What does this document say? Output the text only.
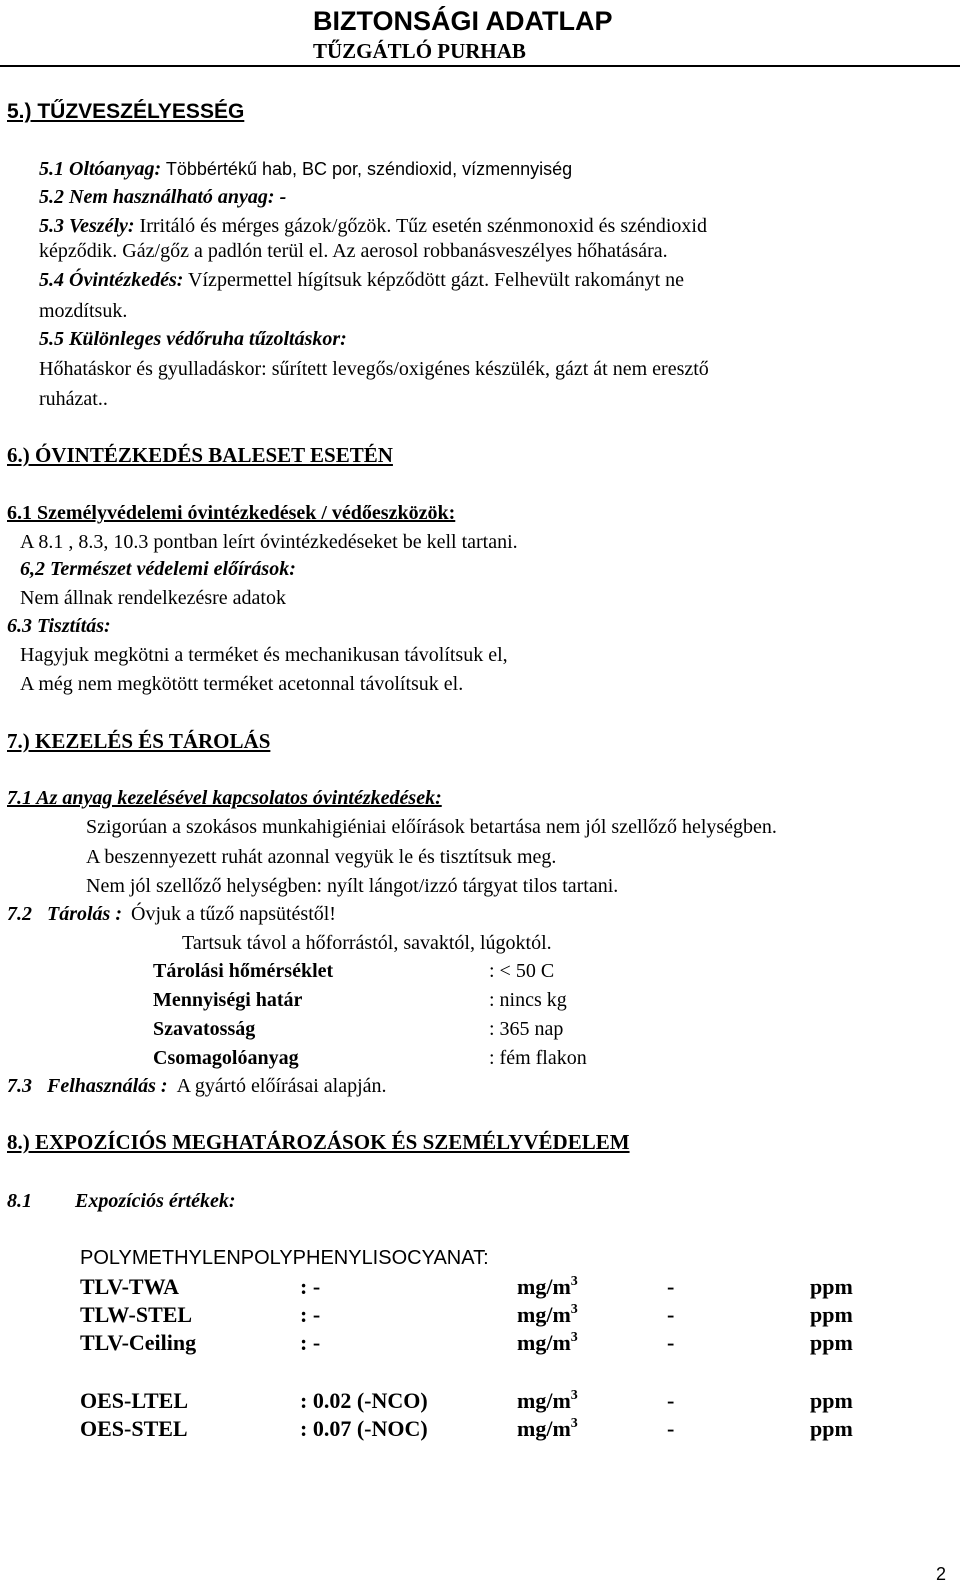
BIZTONSÁGI ADATLAP
TŰZGÁTLÓ PURHAB
5.) TŰZVESZÉLYESSÉG
5.1 Oltóanyag: Többértékű hab, BC por, széndioxid, vízmennyiség
5.2 Nem használható anyag: -
5.3 Veszély: Irritáló és mérges gázok/gőzök. Tűz esetén szénmonoxid és széndioxid
képződik. Gáz/gőz a padlón terül el. Az aerosol robbanásveszélyes hőhatására.
5.4 Óvintézkedés: Vízpermettel hígítsuk képződött gázt. Felhevült rakományt ne
mozdítsuk.
5.5 Különleges védőruha tűzoltáskor:
Hőhatáskor és gyulladáskor: sűrített levegős/oxigénes készülék, gázt át nem eresztő
ruházat..
6.) ÓVINTÉZKEDÉS BALESET ESETÉN
6.1 Személyvédelemi óvintézkedések / védőeszközök:
A 8.1 , 8.3, 10.3 pontban leírt óvintézkedéseket be kell tartani.
6,2 Természet védelemi előírások:
Nem állnak rendelkezésre adatok
6.3 Tisztítás:
Hagyjuk megkötni a terméket és mechanikusan távolítsuk el,
A még nem megkötött terméket acetonnal távolítsuk el.
7.) KEZELÉS ÉS TÁROLÁS
7.1 Az anyag kezelésével kapcsolatos óvintézkedések:
Szigorúan a szokásos munkahigiéniai előírások betartása nem jól szellőző helységben.
A beszennyezett ruhát azonnal vegyük le és tisztítsuk meg.
Nem jól szellőző helységben: nyílt lángot/izzó tárgyat tilos tartani.
7.2 Tárolás : Óvjuk a tűző napsütéstől!
Tartsuk távol a hőforrástól, savaktól, lúgoktól.
Tárolási hőmérséklet	: < 50 C
Mennyiségi határ	: nincs kg
Szavatosság	: 365 nap
Csomagolóanyag	: fém flakon
7.3 Felhasználás : A gyártó előírásai alapján.
8.) EXPOZÍCIÓS MEGHATÁROZÁSOK ÉS SZEMÉLYVÉDELEM
8.1 Expozíciós értékek:
POLYMETHYLENPOLYPHENYLISOCYANAT:
TLV-TWA	: -	$mg/m^3$	-	ppm
TLW-STEL	: -	$mg/m^3$	-	ppm
TLV-Ceiling	: -	$mg/m^3$	-	ppm
OES-LTEL	: 0.02 (-NCO)	$mg/m^3$	-	ppm
OES-STEL	: 0.07 (-NOC)	$mg/m^3$	-	ppm
2
